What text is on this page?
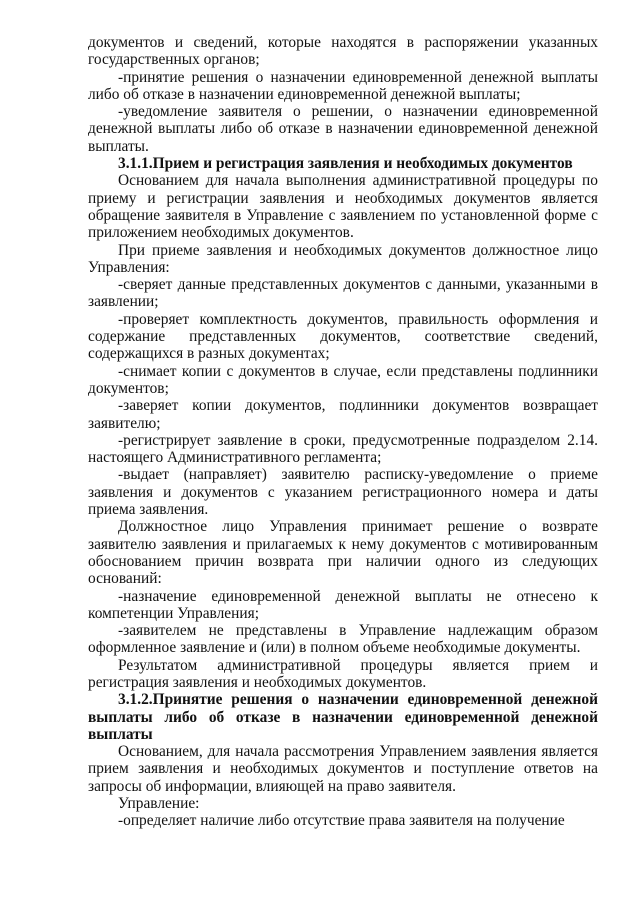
документов и сведений, которые находятся в распоряжении указанных государственных органов;

-принятие решения о назначении единовременной денежной выплаты либо об отказе в назначении единовременной денежной выплаты;

-уведомление заявителя о решении, о назначении единовременной денежной выплаты либо об отказе в назначении единовременной денежной выплаты.

3.1.1.Прием и регистрация заявления и необходимых документов

Основанием для начала выполнения административной процедуры по приему и регистрации заявления и необходимых документов является обращение заявителя в Управление с заявлением по установленной форме с приложением необходимых документов.

При приеме заявления и необходимых документов должностное лицо Управления:

-сверяет данные представленных документов с данными, указанными в заявлении;

-проверяет комплектность документов, правильность оформления и содержание представленных документов, соответствие сведений, содержащихся в разных документах;

-снимает копии с документов в случае, если представлены подлинники документов;

-заверяет копии документов, подлинники документов возвращает заявителю;

-регистрирует заявление в сроки, предусмотренные подразделом 2.14. настоящего Административного регламента;

-выдает (направляет) заявителю расписку-уведомление о приеме заявления и документов с указанием регистрационного номера и даты приема заявления.

Должностное лицо Управления принимает решение о возврате заявителю заявления и прилагаемых к нему документов с мотивированным обоснованием причин возврата при наличии одного из следующих оснований:

-назначение единовременной денежной выплаты не отнесено к компетенции Управления;

-заявителем не представлены в Управление надлежащим образом оформленное заявление и (или) в полном объеме необходимые документы.

Результатом административной процедуры является прием и регистрация заявления и необходимых документов.

3.1.2.Принятие решения о назначении единовременной денежной выплаты либо об отказе в назначении единовременной денежной выплаты

Основанием, для начала рассмотрения Управлением заявления является прием заявления и необходимых документов и поступление ответов на запросы об информации, влияющей на право заявителя.

Управление:

-определяет наличие либо отсутствие права заявителя на получение
